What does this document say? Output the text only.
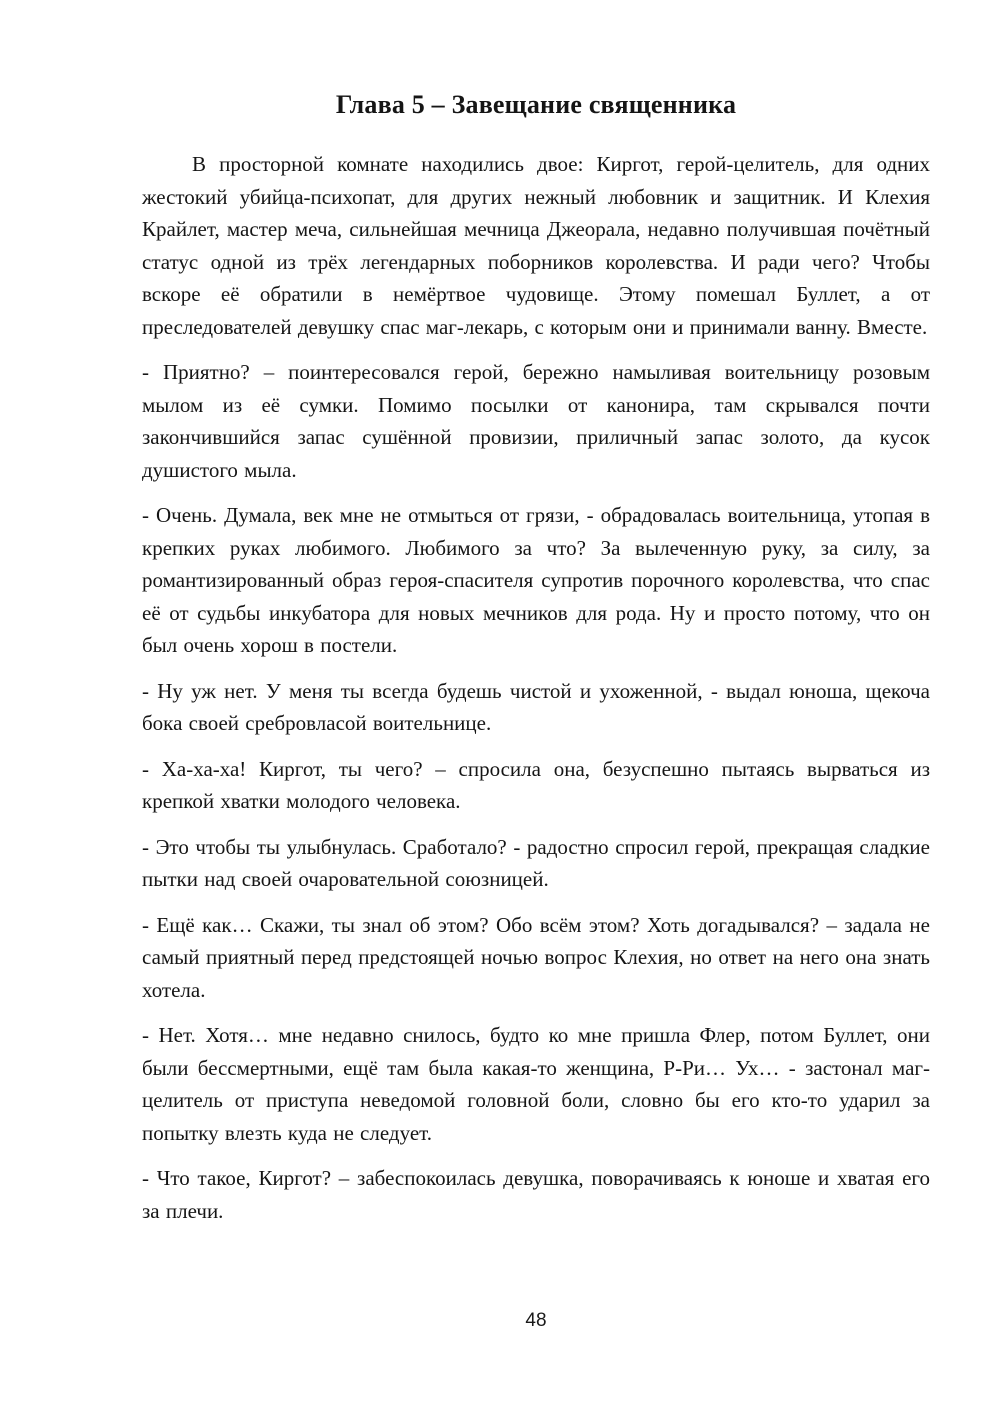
Глава 5 – Завещание священника

В просторной комнате находились двое: Киргот, герой-целитель, для одних жестокий убийца-психопат, для других нежный любовник и защитник. И Клехия Крайлет, мастер меча, сильнейшая мечница Джеорала, недавно получившая почётный статус одной из трёх легендарных поборников королевства. И ради чего? Чтобы вскоре её обратили в немёртвое чудовище. Этому помешал Буллет, а от преследователей девушку спас маг-лекарь, с которым они и принимали ванну. Вместе.

- Приятно? – поинтересовался герой, бережно намыливая воительницу розовым мылом из её сумки. Помимо посылки от канонира, там скрывался почти закончившийся запас сушённой провизии, приличный запас золото, да кусок душистого мыла.

- Очень. Думала, век мне не отмыться от грязи, - обрадовалась воительница, утопая в крепких руках любимого. Любимого за что? За вылеченную руку, за силу, за романтизированный образ героя-спасителя супротив порочного королевства, что спас её от судьбы инкубатора для новых мечников для рода. Ну и просто потому, что он был очень хорош в постели.

- Ну уж нет. У меня ты всегда будешь чистой и ухоженной, - выдал юноша, щекоча бока своей сребровласой воительнице.

- Ха-ха-ха! Киргот, ты чего? – спросила она, безуспешно пытаясь вырваться из крепкой хватки молодого человека.

- Это чтобы ты улыбнулась. Сработало? - радостно спросил герой, прекращая сладкие пытки над своей очаровательной союзницей.

- Ещё как… Скажи, ты знал об этом? Обо всём этом? Хоть догадывался? – задала не самый приятный перед предстоящей ночью вопрос Клехия, но ответ на него она знать хотела.

- Нет. Хотя… мне недавно снилось, будто ко мне пришла Флер, потом Буллет, они были бессмертными, ещё там была какая-то женщина, Р-Ри… Ух… - застонал маг-целитель от приступа неведомой головной боли, словно бы его кто-то ударил за попытку влезть куда не следует.

- Что такое, Киргот? – забеспокоилась девушка, поворачиваясь к юноше и хватая его за плечи.

48
